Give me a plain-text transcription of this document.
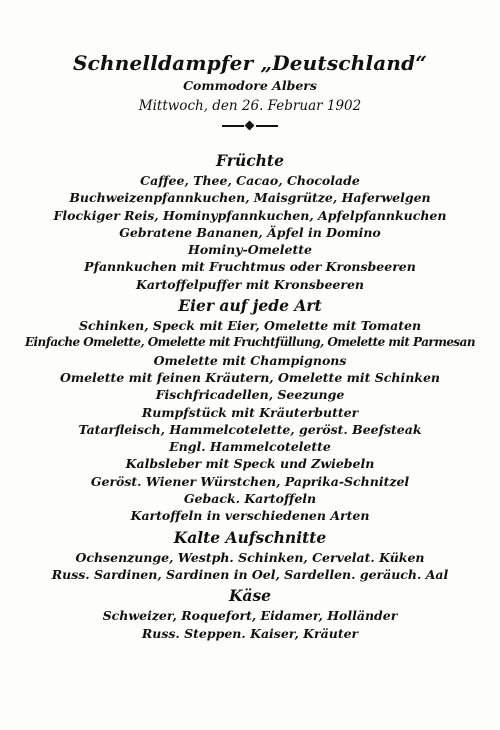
Schnelldampfer „Deutschland“
Commodore Albers
Mittwoch, den 26. Februar 1902
Früchte
Caffee, Thee, Cacao, Chocolade
Buchweizenpfannkuchen, Maisgrütze, Haferwelgen
Flockiger Reis, Hominypfannkuchen, Apfelpfannkuchen
Gebratene Bananen, Äpfel in Domino
Hominy-Omelette
Pfannkuchen mit Fruchtmus oder Kronsbeeren
Kartoffelpuffer mit Kronsbeeren
Eier auf jede Art
Schinken, Speck mit Eier, Omelette mit Tomaten
Einfache Omelette, Omelette mit Fruchtfüllung, Omelette mit Parmesan
Omelette mit Champignons
Omelette mit feinen Kräutern, Omelette mit Schinken
Fischfricadellen, Seezunge
Rumpfstück mit Kräuterbutter
Tatarfleisch, Hammelcotelette, geröst. Beefsteak
Engl. Hammelcotelette
Kalbsleber mit Speck und Zwiebeln
Geröst. Wiener Würstchen, Paprika-Schnitzel
Geback. Kartoffeln
Kartoffeln in verschiedenen Arten
Kalte Aufschnitte
Ochsenzunge, Westph. Schinken, Cervelat. Küken
Russ. Sardinen, Sardinen in Oel, Sardellen. geräuch. Aal
Käse
Schweizer, Roquefort, Eidamer, Holländer
Russ. Steppen. Kaiser, Kräuter
